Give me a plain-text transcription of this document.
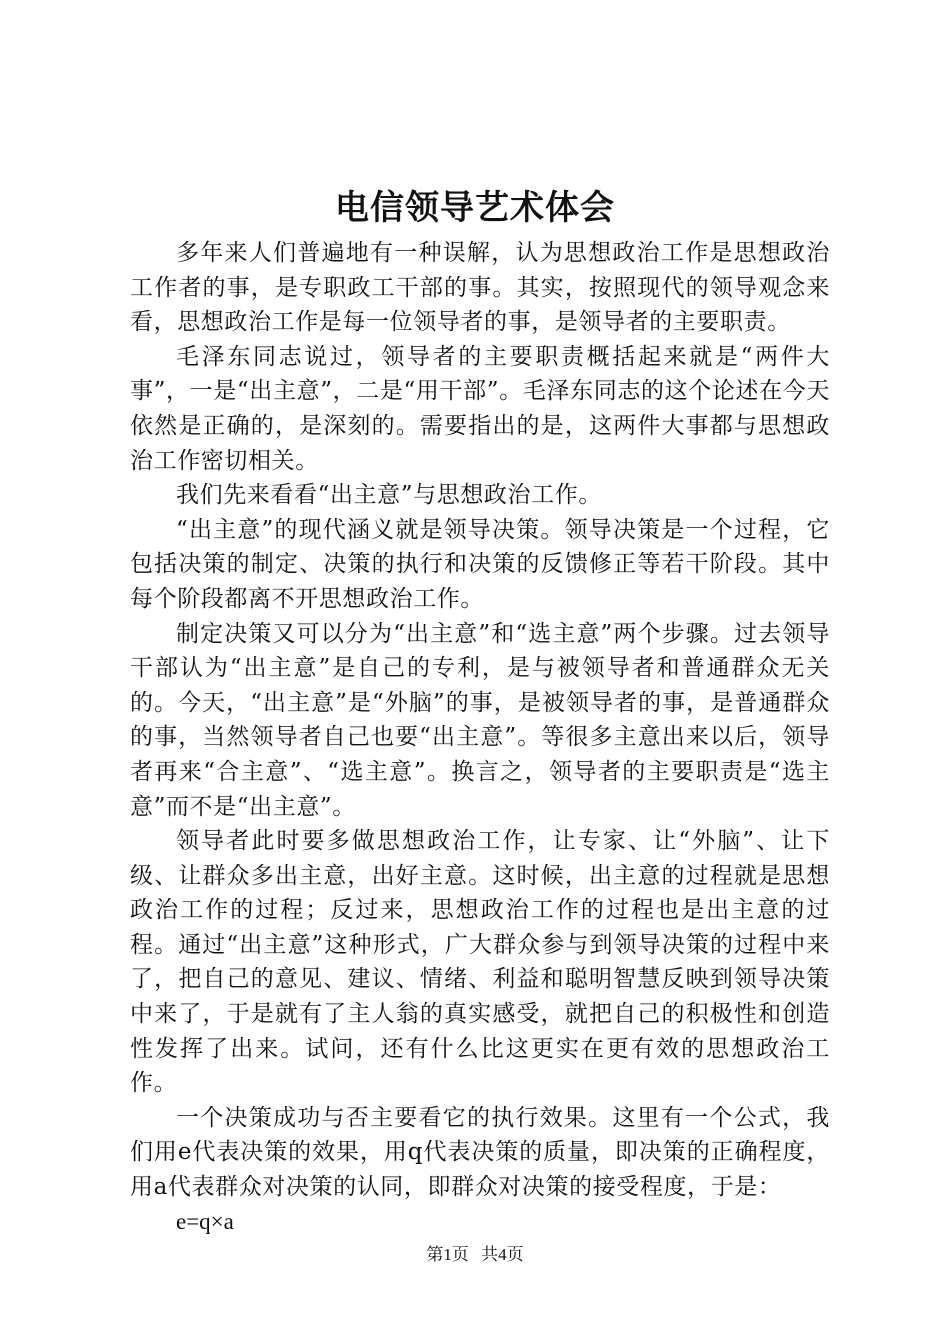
电信领导艺术体会

多年来人们普遍地有一种误解，认为思想政治工作是思想政治工作者的事，是专职政工干部的事。其实，按照现代的领导观念来看，思想政治工作是每一位领导者的事，是领导者的主要职责。

毛泽东同志说过，领导者的主要职责概括起来就是“两件大事”，一是“出主意”，二是“用干部”。毛泽东同志的这个论述在今天依然是正确的，是深刻的。需要指出的是，这两件大事都与思想政治工作密切相关。

我们先来看看“出主意”与思想政治工作。

“出主意”的现代涵义就是领导决策。领导决策是一个过程，它包括决策的制定、决策的执行和决策的反馈修正等若干阶段。其中每个阶段都离不开思想政治工作。

制定决策又可以分为“出主意”和“选主意”两个步骤。过去领导干部认为“出主意”是自己的专利，是与被领导者和普通群众无关的。今天，“出主意”是“外脑”的事，是被领导者的事，是普通群众的事，当然领导者自己也要“出主意”。等很多主意出来以后，领导者再来“合主意”、“选主意”。换言之，领导者的主要职责是“选主意”而不是“出主意”。

领导者此时要多做思想政治工作，让专家、让“外脑”、让下级、让群众多出主意，出好主意。这时候，出主意的过程就是思想政治工作的过程；反过来，思想政治工作的过程也是出主意的过程。通过“出主意”这种形式，广大群众参与到领导决策的过程中来了，把自己的意见、建议、情绪、利益和聪明智慧反映到领导决策中来了，于是就有了主人翁的真实感受，就把自己的积极性和创造性发挥了出来。试问，还有什么比这更实在更有效的思想政治工作。

一个决策成功与否主要看它的执行效果。这里有一个公式，我们用e代表决策的效果，用q代表决策的质量，即决策的正确程度，用a代表群众对决策的认同，即群众对决策的接受程度，于是：

e=q×a

第1页 共4页
